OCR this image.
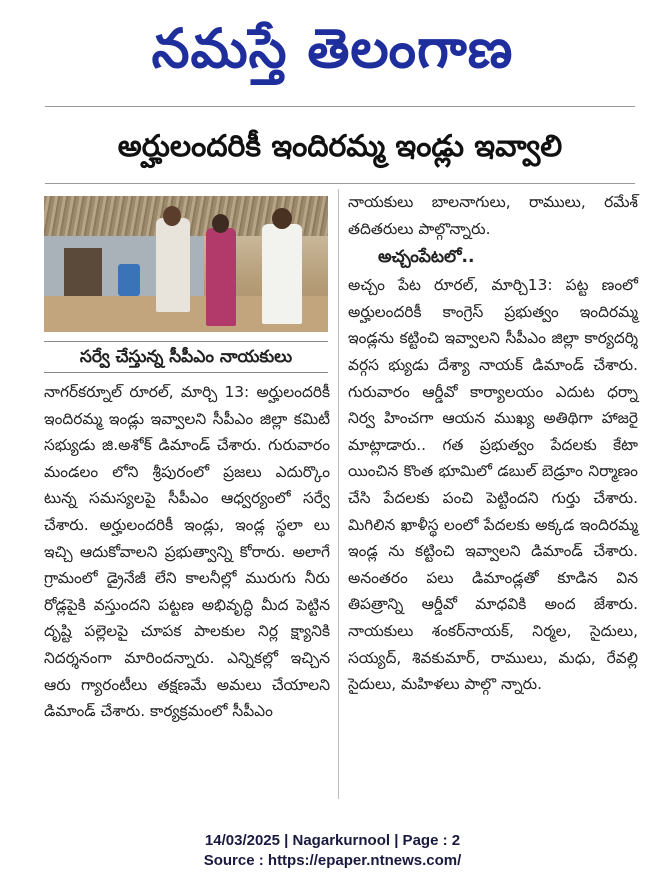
నమస్తే తెలంగాణ
అర్హులందరికీ ఇందిరమ్మ ఇండ్లు ఇవ్వాలి
సర్వే చేస్తున్న సీపీఎం నాయకులు

నాగర్‌కర్నూల్ రూరల్, మార్చి 13: అర్హులందరికీ ఇందిరమ్మ ఇండ్లు ఇవ్వాలని సీపీఎం జిల్లా కమిటీ సభ్యుడు జి.అశోక్ డిమాండ్ చేశారు. గురువారం మండలం లోని శ్రీపురంలో ప్రజలు ఎదుర్కొం టున్న సమస్యలపై సీపీఎం ఆధ్వర్యంలో సర్వే చేశారు. అర్హులందరికీ ఇండ్లు, ఇండ్ల స్థలా లు ఇచ్చి ఆదుకోవాలని ప్రభుత్వాన్ని కోరారు. అలాగే గ్రామంలో డ్రైనేజీ లేని కాలనీల్లో మురుగు నీరు రోడ్లపైకి వస్తుందని పట్టణ అభివృద్ధి మీద పెట్టిన దృష్టి పల్లెలపై చూపక పాలకుల నిర్ల క్ష్యానికి నిదర్శనంగా మారిందన్నారు. ఎన్నికల్లో ఇచ్చిన ఆరు గ్యారంటీలు తక్షణమే అమలు చేయాలని డిమాండ్ చేశారు. కార్యక్రమంలో సీపీఎం

నాయకులు బాలనాగులు, రాములు, రమేశ్ తదితరులు పాల్గొన్నారు.

అచ్చంపేటలో..

అచ్చం పేట రూరల్, మార్చి13: పట్ట ణంలో అర్హులందరికీ కాంగ్రెస్ ప్రభుత్వం ఇందిరమ్మ ఇండ్లను కట్టించి ఇవ్వాలని సీపీఎం జిల్లా కార్యదర్శి వర్గస భ్యుడు దేశ్యా నాయక్ డిమాండ్ చేశారు. గురువారం ఆర్డీవో కార్యాలయం ఎదుట ధర్నా నిర్వ హించగా ఆయన ముఖ్య అతిథిగా హాజరై మాట్లాడారు.. గత ప్రభుత్వం పేదలకు కేటా యించిన కొంత భూమిలో డబుల్ బెడ్రూం నిర్మాణం చేసి పేదలకు పంచి పెట్టిందని గుర్తు చేశారు. మిగిలిన ఖాళీస్థ లంలో పేదలకు అక్కడ ఇందిరమ్మ ఇండ్ల ను కట్టించి ఇవ్వాలని డిమాండ్ చేశారు. అనంతరం పలు డిమాండ్లతో కూడిన విన తిపత్రాన్ని ఆర్డీవో మాధవికి అంద జేశారు. నాయకులు శంకర్‌నాయక్, నిర్మల, సైదులు, సయ్యద్, శివకుమార్, రాములు, మధు, రేవల్లి సైదులు, మహిళలు పాల్గొ న్నారు.

14/03/2025 | Nagarkurnool | Page : 2
Source : https://epaper.ntnews.com/
